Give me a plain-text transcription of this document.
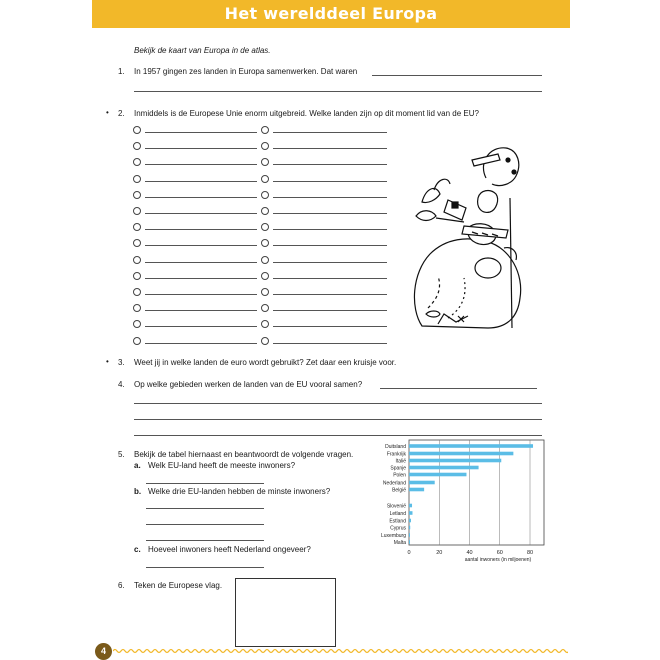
Het werelddeel Europa
Bekijk de kaart van Europa in de atlas.
1. In 1957 gingen zes landen in Europa samenwerken. Dat waren
• 2. Inmiddels is de Europese Unie enorm uitgebreid. Welke landen zijn op dit moment lid van de EU?
• 3. Weet jij in welke landen de euro wordt gebruikt? Zet daar een kruisje voor.
4. Op welke gebieden werken de landen van de EU vooral samen?
5. Bekijk de tabel hiernaast en beantwoordt de volgende vragen.
a. Welk EU-land heeft de meeste inwoners?
b. Welke drie EU-landen hebben de minste inwoners?
c. Hoeveel inwoners heeft Nederland ongeveer?	0	20	40	60	80
Duitsland
Frankrijk
Italië
Spanje
Polen
Nederland
België
Slovenië
Letland
Estland
Cyprus
Luxemburg
Malta
aantal inwoners (in miljoenen)
6. Teken de Europese vlag.
4
